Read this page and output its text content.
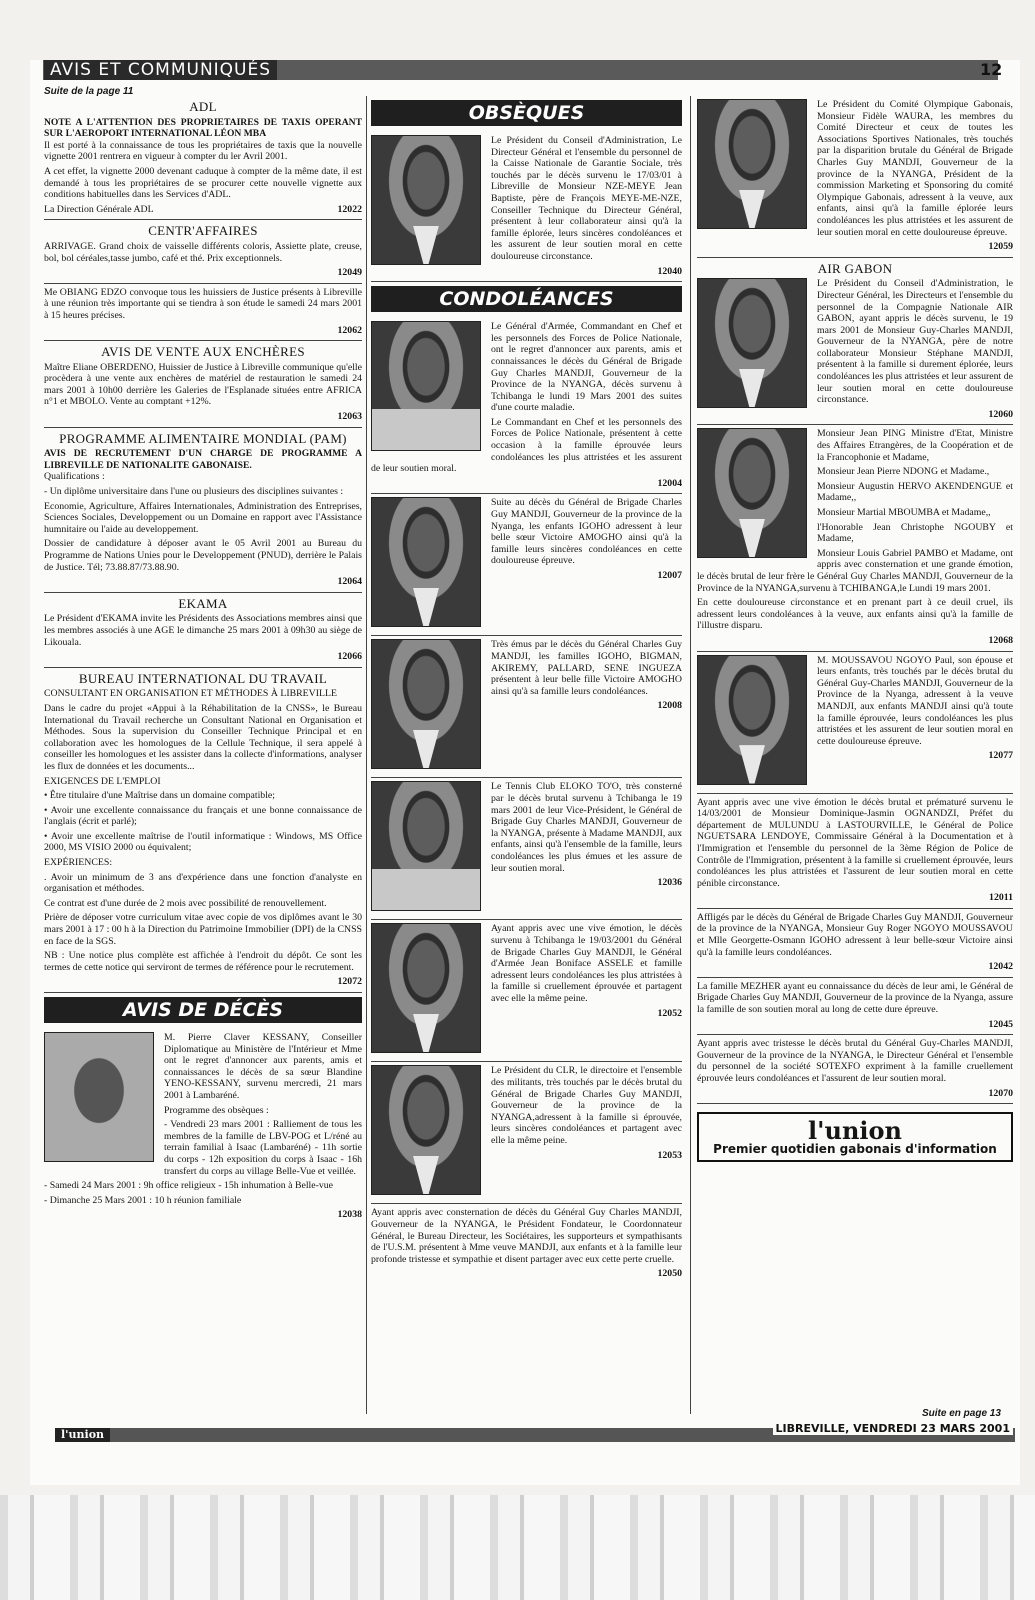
AVIS ET COMMUNIQUÉS	12
Suite de la page 11
ADL

NOTE A L'ATTENTION DES PROPRIETAIRES DE TAXIS OPERANT SUR L'AEROPORT INTERNATIONAL LÉON MBA

Il est porté à la connaissance de tous les propriétaires de taxis que la nouvelle vignette 2001 rentrera en vigueur à compter du ler Avril 2001.

A cet effet, la vignette 2000 devenant caduque à compter de la même date, il est demandé à tous les propriétaires de se procurer cette nouvelle vignette aux conditions habituelles dans les Services d'ADL.

12022
La Direction Générale ADL
CENTR'AFFAIRES

ARRIVAGE. Grand choix de vaisselle différents coloris, Assiette plate, creuse, bol, bol céréales,tasse jumbo, café et thé. Prix exceptionnels.

12049

Me OBIANG EDZO convoque tous les huissiers de Justice présents à Libreville à une réunion très importante qui se tiendra à son étude le samedi 24 mars 2001 à 15 heures précises.

12062
AVIS DE VENTE AUX ENCHÈRES

Maître Eliane OBERDENO, Huissier de Justice à Libreville communique qu'elle procèdera à une vente aux enchères de matériel de restauration le samedi 24 mars 2001 à 10h00 derrière les Galeries de l'Esplanade situées entre AFRICA n°1 et MBOLO. Vente au comptant +12%.

12063
PROGRAMME ALIMENTAIRE MONDIAL (PAM)

AVIS DE RECRUTEMENT D'UN CHARGE DE PROGRAMME A LIBREVILLE DE NATIONALITE GABONAISE.

Qualifications :

- Un diplôme universitaire dans l'une ou plusieurs des disciplines suivantes :

Economie, Agriculture, Affaires Internationales, Administration des Entreprises, Sciences Sociales, Developpement ou un Domaine en rapport avec l'Assistance humnitaire ou l'aide au developpement.

Dossier de candidature à déposer avant le 05 Avril 2001 au Bureau du Programme de Nations Unies pour le Developpement (PNUD), derrière le Palais de Justice. Tél; 73.88.87/73.88.90.

12064
EKAMA

Le Président d'EKAMA invite les Présidents des Associations membres ainsi que les membres associés à une AGE le dimanche 25 mars 2001 à 09h30 au siège de Likouala.

12066
BUREAU INTERNATIONAL DU TRAVAIL

CONSULTANT EN ORGANISATION ET MÉTHODES À LIBREVILLE

Dans le cadre du projet «Appui à la Réhabilitation de la CNSS», le Bureau International du Travail recherche un Consultant National en Organisation et Méthodes. Sous la supervision du Conseiller Technique Principal et en collaboration avec les homologues de la Cellule Technique, il sera appelé à conseiller les homologues et les assister dans la collecte d'informations, analyser les flux de données et les documents...

EXIGENCES DE L'EMPLOI

• Être titulaire d'une Maîtrise dans un domaine compatible;

• Avoir une excellente connaissance du français et une bonne connaissance de l'anglais (écrit et parlé);

• Avoir une excellente maîtrise de l'outil informatique : Windows, MS Office 2000, MS VISIO 2000 ou équivalent;

EXPÉRIENCES:

. Avoir un minimum de 3 ans d'expérience dans une fonction d'analyste en organisation et méthodes.

Ce contrat est d'une durée de 2 mois avec possibilité de renouvellement.

Prière de déposer votre curriculum vitae avec copie de vos diplômes avant le 30 mars 2001 à 17 : 00 h à la Direction du Patrimoine Immobilier (DPI) de la CNSS en face de la SGS.

NB : Une notice plus complète est affichée à l'endroit du dépôt. Ce sont les termes de cette notice qui serviront de termes de référence pour le recrutement.

12072
AVIS DE DÉCÈS

M. Pierre Claver KESSANY, Conseiller Diplomatique au Ministère de l'Intérieur et Mme ont le regret d'annoncer aux parents, amis et connaissances le décès de sa sœur Blandine YENO-KESSANY, survenu mercredi, 21 mars 2001 à Lambaréné.

Programme des obsèques :

- Vendredi 23 mars 2001 : Ralliement de tous les membres de la famille de LBV-POG et L/réné au terrain familial à Isaac (Lambaréné) - 11h sortie du corps - 12h exposition du corps à Isaac - 16h transfert du corps au village Belle-Vue et veillée.

- Samedi 24 Mars 2001 : 9h office religieux - 15h inhumation à Belle-vue

- Dimanche 25 Mars 2001 : 10 h réunion familiale

12038
OBSÈQUES

Le Président du Conseil d'Administration, Le Directeur Général et l'ensemble du personnel de la Caisse Nationale de Garantie Sociale, très touchés par le décès survenu le 17/03/01 à Libreville de Monsieur NZE-MEYE Jean Baptiste, père de François MEYE-ME-NZE, Conseiller Technique du Directeur Général, présentent à leur collaborateur ainsi qu'à la famille éplorée, leurs sincères condoléances et les assurent de leur soutien moral en cette douloureuse circonstance.

12040
CONDOLÉANCES

Le Général d'Armée, Commandant en Chef et les personnels des Forces de Police Nationale, ont le regret d'annoncer aux parents, amis et connaissances le décès du Général de Brigade Guy Charles MANDJI, Gouverneur de la Province de la NYANGA, décès survenu à Tchibanga le lundi 19 Mars 2001 des suites d'une courte maladie.

Le Commandant en Chef et les personnels des Forces de Police Nationale, présentent à cette occasion à la famille éprouvée leurs condoléances les plus attristées et les assurent de leur soutien moral.

12004

Suite au décès du Général de Brigade Charles Guy MANDJI, Gouverneur de la province de la Nyanga, les enfants IGOHO adressent à leur belle sœur Victoire AMOGHO ainsi qu'à la famille leurs sincères condoléances en cette douloureuse épreuve.

12007

Très émus par le décès du Général Charles Guy MANDJI, les familles IGOHO, BIGMAN, AKIREMY, PALLARD, SENE INGUEZA présentent à leur belle fille Victoire AMOGHO ainsi qu'à sa famille leurs condoléances.

12008

Le Tennis Club ELOKO TO'O, très consterné par le décès brutal survenu à Tchibanga le 19 mars 2001 de leur Vice-Président, le Général de Brigade Guy Charles MANDJI, Gouverneur de la NYANGA, présente à Madame MANDJI, aux enfants, ainsi qu'à l'ensemble de la famille, leurs condoléances les plus émues et les assure de leur soutien moral.

12036

Ayant appris avec une vive émotion, le décès survenu à Tchibanga le 19/03/2001 du Général de Brigade Charles Guy MANDJI, le Général d'Armée Jean Boniface ASSELE et famille adressent leurs condoléances les plus attristées à la famille si cruellement éprouvée et partagent avec elle la même peine.

12052

Le Président du CLR, le directoire et l'ensemble des militants, très touchés par le décès brutal du Général de Brigade Charles Guy MANDJI, Gouverneur de la province de la NYANGA,adressent à la famille si éprouvée, leurs sincères condoléances et partagent avec elle la même peine.

12053

Ayant appris avec consternation de décès du Général Guy Charles MANDJI, Gouverneur de la NYANGA, le Président Fondateur, le Coordonnateur Général, le Bureau Directeur, les Sociétaires, les supporteurs et sympathisants de l'U.S.M. présentent à Mme veuve MANDJI, aux enfants et à la famille leur profonde tristesse et sympathie et disent partager avec eux cette perte cruelle.

12050

Le Président du Comité Olympique Gabonais, Monsieur Fidèle WAURA, les membres du Comité Directeur et ceux de toutes les Associations Sportives Nationales, très touchés par la disparition brutale du Général de Brigade Charles Guy MANDJI, Gouverneur de la province de la NYANGA, Président de la commission Marketing et Sponsoring du comité Olympique Gabonais, adressent à la veuve, aux enfants, ainsi qu'à la famille éplorée leurs condoléances les plus attristées et les assurent de leur soutien moral en cette douloureuse épreuve.

12059
AIR GABON

Le Président du Conseil d'Administration, le Directeur Général, les Directeurs et l'ensemble du personnel de la Compagnie Nationale AIR GABON, ayant appris le décès survenu, le 19 mars 2001 de Monsieur Guy-Charles MANDJI, Gouverneur de la NYANGA, père de notre collaborateur Monsieur Stéphane MANDJI, présentent à la famille si durement éplorée, leurs condoléances les plus attristées et leur assurent de leur soutien moral en cette douloureuse circonstance.

12060

Monsieur Jean PING Ministre d'Etat, Ministre des Affaires Etrangères, de la Coopération et de la Francophonie et Madame,

Monsieur Jean Pierre NDONG et Madame.,

Monsieur Augustin HERVO AKENDENGUE et Madame,,

Monsieur Martial MBOUMBA et Madame,,

l'Honorable Jean Christophe NGOUBY et Madame,

Monsieur Louis Gabriel PAMBO et Madame, ont appris avec consternation et une grande émotion, le décès brutal de leur frère le Général Guy Charles MANDJI, Gouverneur de la Province de la NYANGA,survenu à TCHIBANGA,le Lundi 19 mars 2001.

En cette douloureuse circonstance et en prenant part à ce deuil cruel, ils adressent leurs condoléances à la veuve, aux enfants ainsi qu'à la famille de l'illustre disparu.

12068

M. MOUSSAVOU NGOYO Paul, son épouse et leurs enfants, très touchés par le décès brutal du Général Guy-Charles MANDJI, Gouverneur de la Province de la Nyanga, adressent à la veuve MANDJI, aux enfants MANDJI ainsi qu'à toute la famille éprouvée, leurs condoléances les plus attristées et les assurent de leur soutien moral en cette douloureuse épreuve.

12077

Ayant appris avec une vive émotion le décès brutal et prématuré survenu le 14/03/2001 de Monsieur Dominique-Jasmin OGNANDZI, Préfet du département de MULUNDU à LASTOURVILLE, le Général de Police NGUETSARA LENDOYE, Commissaire Général à la Documentation et à l'Immigration et l'ensemble du personnel de la 3ème Région de Police de Contrôle de l'Immigration, présentent à la famille si cruellement éprouvée, leurs condoléances les plus attristées et l'assurent de leur soutien moral en cette pénible circonstance.

12011

Affligés par le décès du Général de Brigade Charles Guy MANDJI, Gouverneur de la province de la NYANGA, Monsieur Guy Roger NGOYO MOUSSAVOU et Mlle Georgette-Osmann IGOHO adressent à leur belle-sœur Victoire ainsi qu'à la famille leurs condoléances.

12042

La famille MEZHER ayant eu connaissance du décès de leur ami, le Général de Brigade Charles Guy MANDJI, Gouverneur de la province de la Nyanga, assure la famille de son soutien moral au long de cette dure épreuve.

12045

Ayant appris avec tristesse le décès brutal du Général Guy-Charles MANDJI, Gouverneur de la province de la NYANGA, le Directeur Général et l'ensemble du personnel de la société SOTEXFO expriment à la famille cruellement éprouvée leurs condoléances et l'assurent de leur soutien moral.

12070
l'union
Premier quotidien gabonais d'information
Suite en page 13
l'union	LIBREVILLE, VENDREDI 23 MARS 2001
